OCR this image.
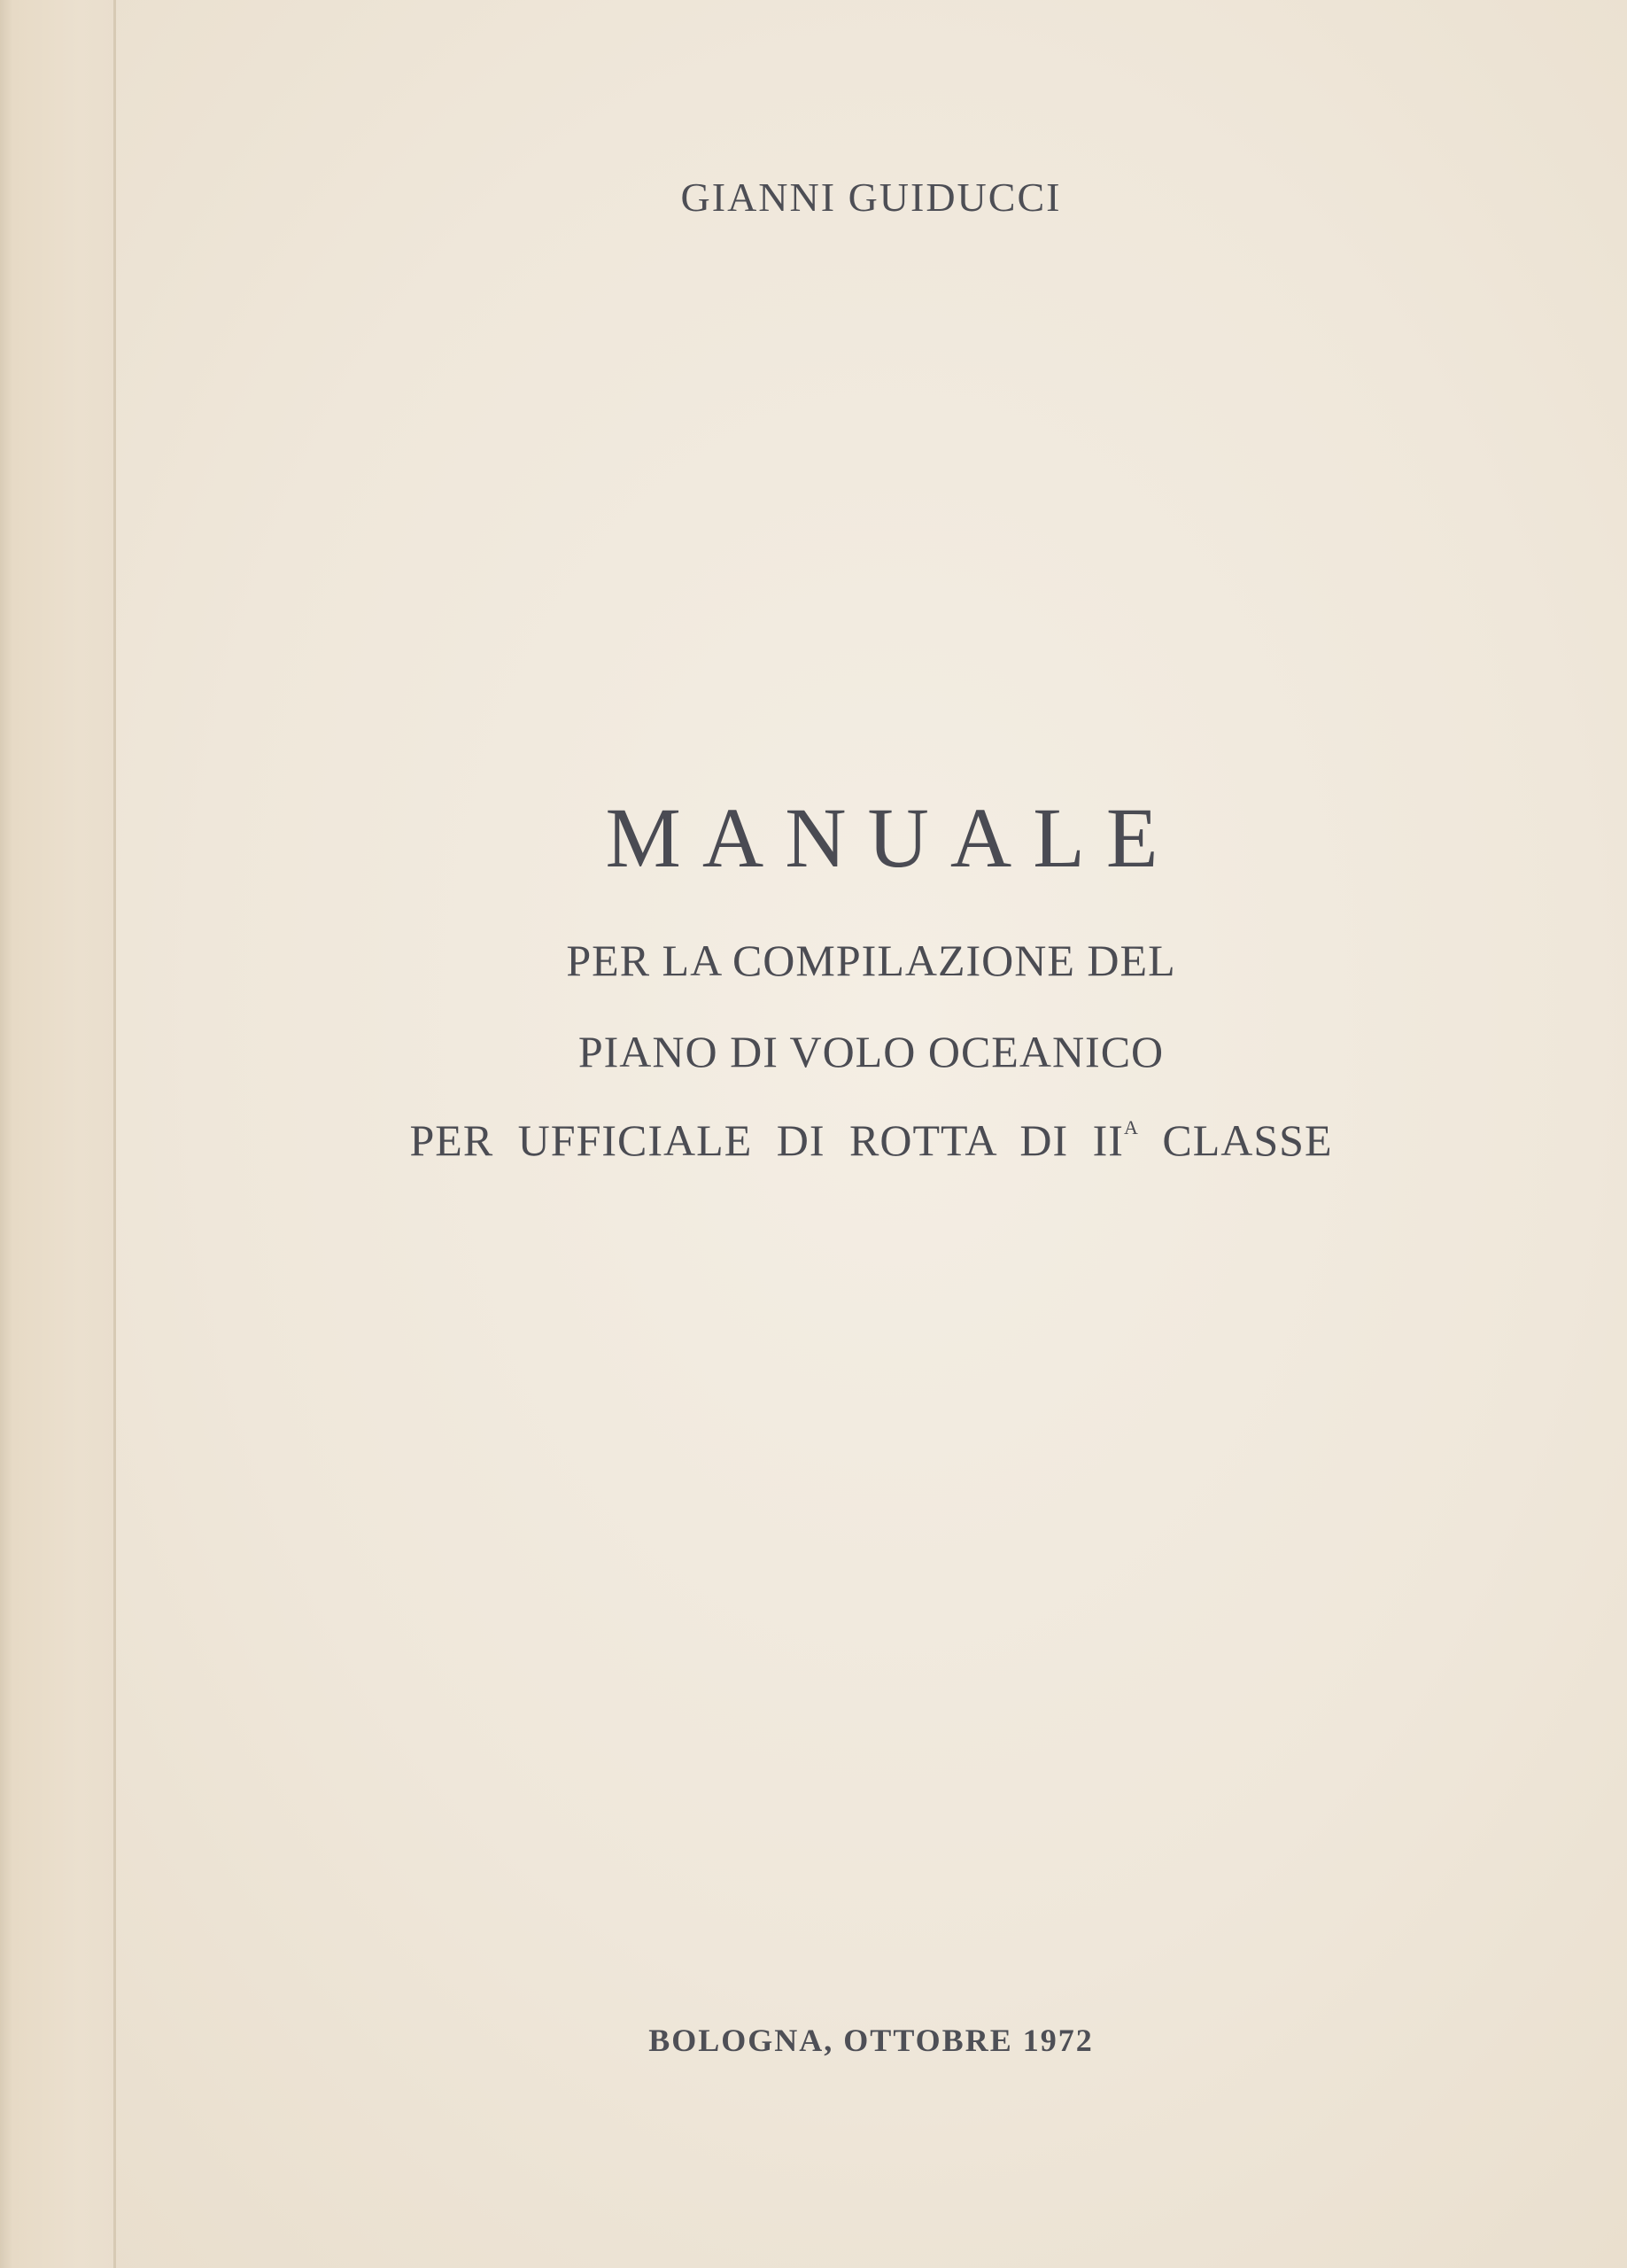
GIANNI GUIDUCCI
MANUALE
PER LA COMPILAZIONE DEL
PIANO DI VOLO OCEANICO
PER UFFICIALE DI ROTTA DI $II^A$ CLASSE
BOLOGNA, OTTOBRE 1972
